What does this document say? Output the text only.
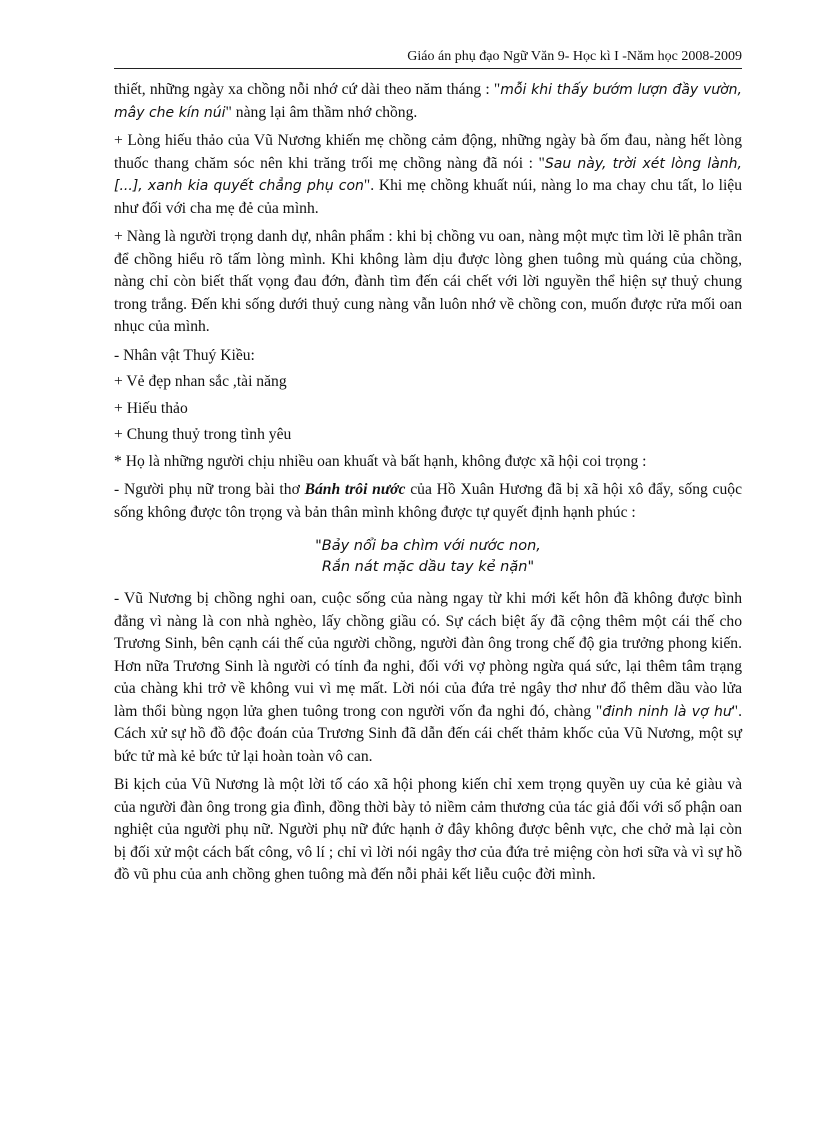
Giáo án phụ đạo Ngữ Văn 9- Học kì I -Năm học 2008-2009

thiết, những ngày xa chồng nỗi nhớ cứ dài theo năm tháng : "mỗi khi thấy bướm lượn đầy vườn, mây che kín núi" nàng lại âm thầm nhớ chồng.

+ Lòng hiếu thảo của Vũ Nương khiến mẹ chồng cảm động, những ngày bà ốm đau, nàng hết lòng thuốc thang chăm sóc nên khi trăng trối mẹ chồng nàng đã nói : "Sau này, trời xét lòng lành, [...], xanh kia quyết chẳng phụ con". Khi mẹ chồng khuất núi, nàng lo ma chay chu tất, lo liệu như đối với cha mẹ đẻ của mình.

+ Nàng là người trọng danh dự, nhân phẩm : khi bị chồng vu oan, nàng một mực tìm lời lẽ phân trần để chồng hiểu rõ tấm lòng mình. Khi không làm dịu được lòng ghen tuông mù quáng của chồng, nàng chỉ còn biết thất vọng đau đớn, đành tìm đến cái chết với lời nguyền thể hiện sự thuỷ chung trong trắng. Đến khi sống dưới thuỷ cung nàng vẫn luôn nhớ về chồng con, muốn được rửa mối oan nhục của mình.

- Nhân vật Thuý Kiều:

+ Vẻ đẹp nhan sắc ,tài năng

+ Hiếu thảo

+ Chung thuỷ trong tình yêu

* Họ là những người chịu nhiều oan khuất và bất hạnh, không được xã hội coi trọng :

- Người phụ nữ trong bài thơ Bánh trôi nước của Hồ Xuân Hương đã bị xã hội xô đẩy, sống cuộc sống không được tôn trọng và bản thân mình không được tự quyết định hạnh phúc :

"Bảy nổi ba chìm với nước non,
Rắn nát mặc dầu tay kẻ nặn"

- Vũ Nương bị chồng nghi oan, cuộc sống của nàng ngay từ khi mới kết hôn đã không được bình đẳng vì nàng là con nhà nghèo, lấy chồng giầu có. Sự cách biệt ấy đã cộng thêm một cái thế cho Trương Sinh, bên cạnh cái thế của người chồng, người đàn ông trong chế độ gia trưởng phong kiến. Hơn nữa Trương Sinh là người có tính đa nghi, đối với vợ phòng ngừa quá sức, lại thêm tâm trạng của chàng khi trở về không vui vì mẹ mất. Lời nói của đứa trẻ ngây thơ như đổ thêm dầu vào lửa làm thổi bùng ngọn lửa ghen tuông trong con người vốn đa nghi đó, chàng "đinh ninh là vợ hư". Cách xử sự hồ đồ độc đoán của Trương Sinh đã dẫn đến cái chết thảm khốc của Vũ Nương, một sự bức tử mà kẻ bức tử lại hoàn toàn vô can.

Bi kịch của Vũ Nương là một lời tố cáo xã hội phong kiến chỉ xem trọng quyền uy của kẻ giàu và của người đàn ông trong gia đình, đồng thời bày tỏ niềm cảm thương của tác giả đối với số phận oan nghiệt của người phụ nữ. Người phụ nữ đức hạnh ở đây không được bênh vực, che chở mà lại còn bị đối xử một cách bất công, vô lí ; chỉ vì lời nói ngây thơ của đứa trẻ miệng còn hơi sữa và vì sự hồ đồ vũ phu của anh chồng ghen tuông mà đến nỗi phải kết liễu cuộc đời mình.
